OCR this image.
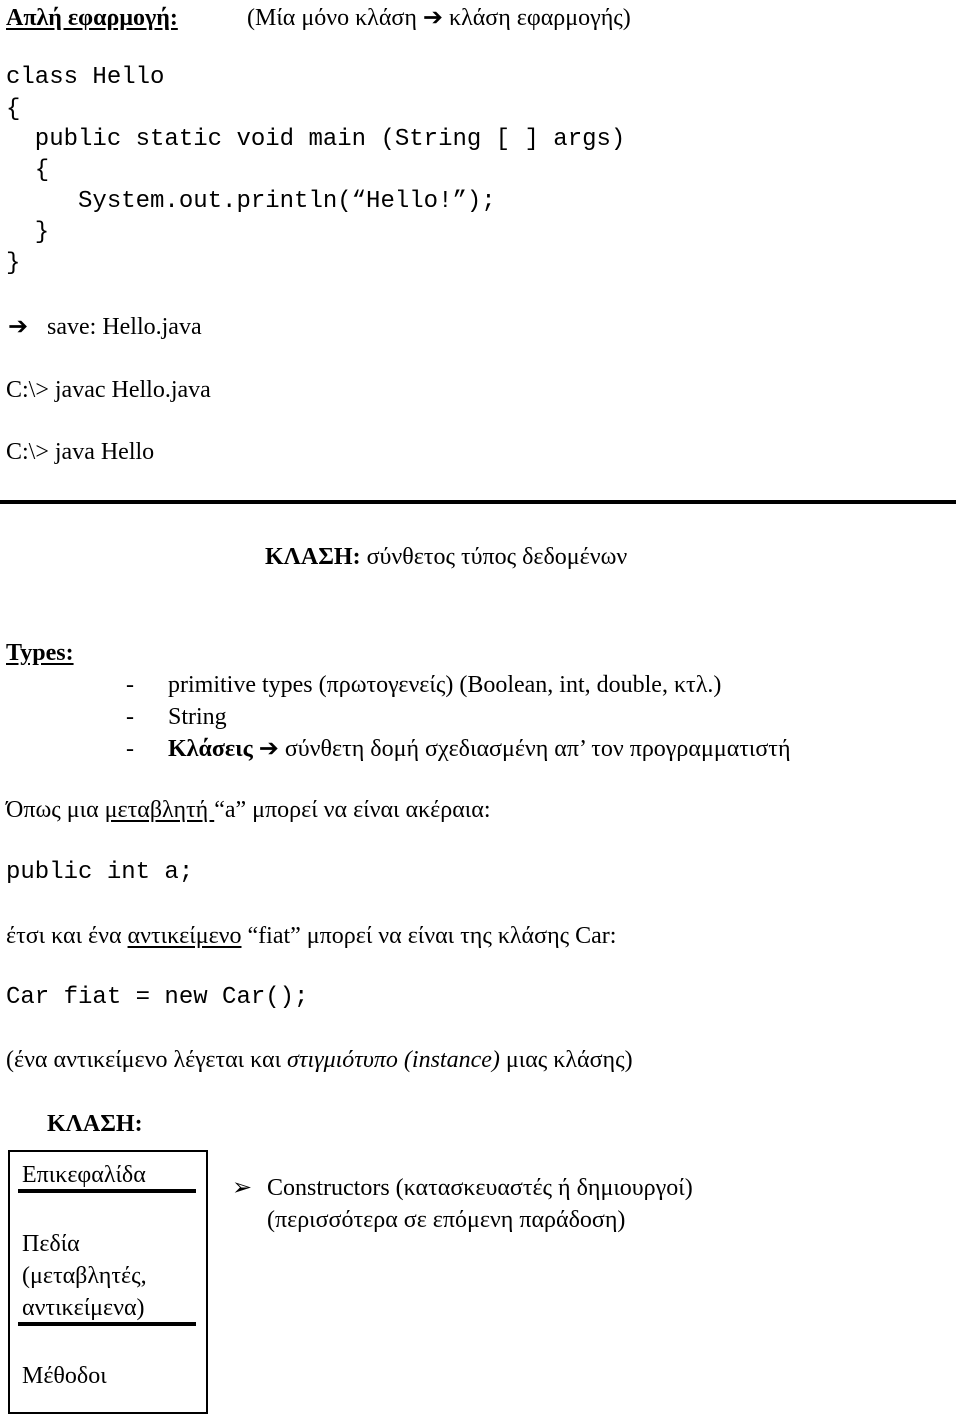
Απλή εφαρμογή:	(Μία μόνο κλάση ➔ κλάση εφαρμογής)
class Hello
{
public static void main (String [ ] args)
{
System.out.println(“Hello!”);
}
}
➔ save: Hello.java
C:\> javac Hello.java
C:\> java Hello
ΚΛΑΣΗ: σύνθετος τύπος δεδομένων
Types:
- primitive types (πρωτογενείς) (Boolean, int, double, κτλ.)
- String
- Κλάσεις ➔ σύνθετη δομή σχεδιασμένη απ’ τον προγραμματιστή
Όπως μια μεταβλητή “a” μπορεί να είναι ακέραια:
public int a;
έτσι και ένα αντικείμενο “fiat” μπορεί να είναι της κλάσης Car:
Car fiat = new Car();
(ένα αντικείμενο λέγεται και στιγμιότυπο (instance) μιας κλάσης)
ΚΛΑΣΗ:
Επικεφαλίδα
Πεδία
(μεταβλητές,
αντικείμενα)
Μέθοδοι
➢ Constructors (κατασκευαστές ή δημιουργοί)
(περισσότερα σε επόμενη παράδοση)
